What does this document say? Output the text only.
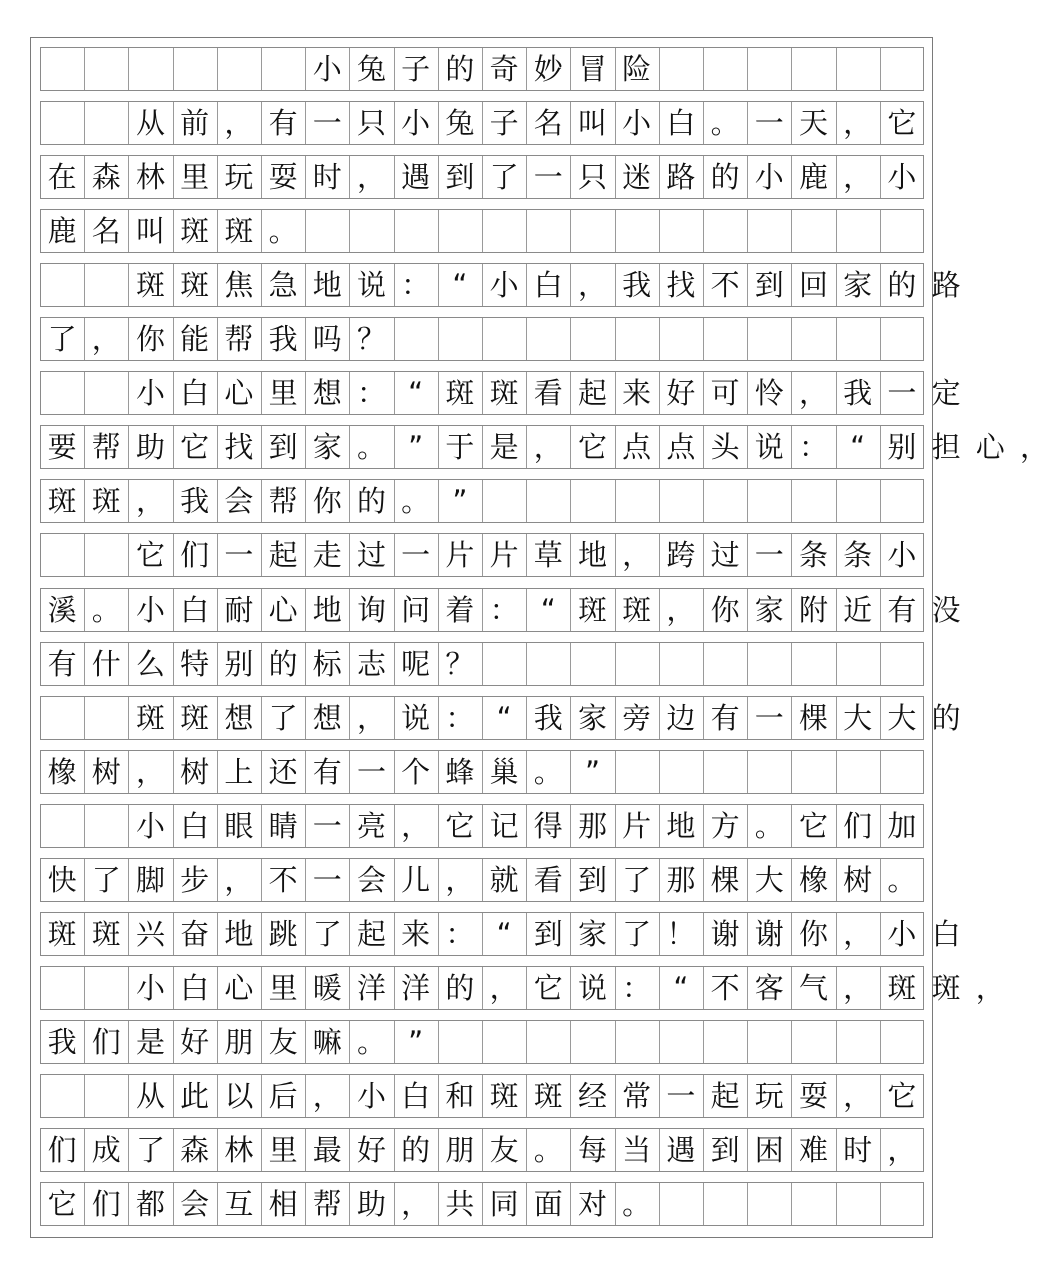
小 兔 子 的 奇 妙 冒 险
从 前 ， 有 一 只 小 兔 子 名 叫 小 白 。 一 天 ， 它
在 森 林 里 玩 耍 时 ， 遇 到 了 一 只 迷 路 的 小 鹿 ， 小
鹿 名 叫 斑 斑 。
斑 斑 焦 急 地 说 ： “ 小 白 ， 我 找 不 到 回 家 的 路
了 ， 你 能 帮 我 吗 ？
小 白 心 里 想 ： “ 斑 斑 看 起 来 好 可 怜 ， 我 一 定
要 帮 助 它 找 到 家 。 ” 于 是 ， 它 点 点 头 说 ： “ 别 担 心 ，
斑 斑 ， 我 会 帮 你 的 。 ”
它 们 一 起 走 过 一 片 片 草 地 ， 跨 过 一 条 条 小
溪 。 小 白 耐 心 地 询 问 着 ： “ 斑 斑 ， 你 家 附 近 有 没
有 什 么 特 别 的 标 志 呢 ？
斑 斑 想 了 想 ， 说 ： “ 我 家 旁 边 有 一 棵 大 大 的
橡 树 ， 树 上 还 有 一 个 蜂 巢 。 ”
小 白 眼 睛 一 亮 ， 它 记 得 那 片 地 方 。 它 们 加
快 了 脚 步 ， 不 一 会 儿 ， 就 看 到 了 那 棵 大 橡 树 。
斑 斑 兴 奋 地 跳 了 起 来 ： “ 到 家 了 ！ 谢 谢 你 ， 小 白
小 白 心 里 暖 洋 洋 的 ， 它 说 ： “ 不 客 气 ， 斑 斑 ，
我 们 是 好 朋 友 嘛 。 ”
从 此 以 后 ， 小 白 和 斑 斑 经 常 一 起 玩 耍 ， 它
们 成 了 森 林 里 最 好 的 朋 友 。 每 当 遇 到 困 难 时 ，
它 们 都 会 互 相 帮 助 ， 共 同 面 对 。
